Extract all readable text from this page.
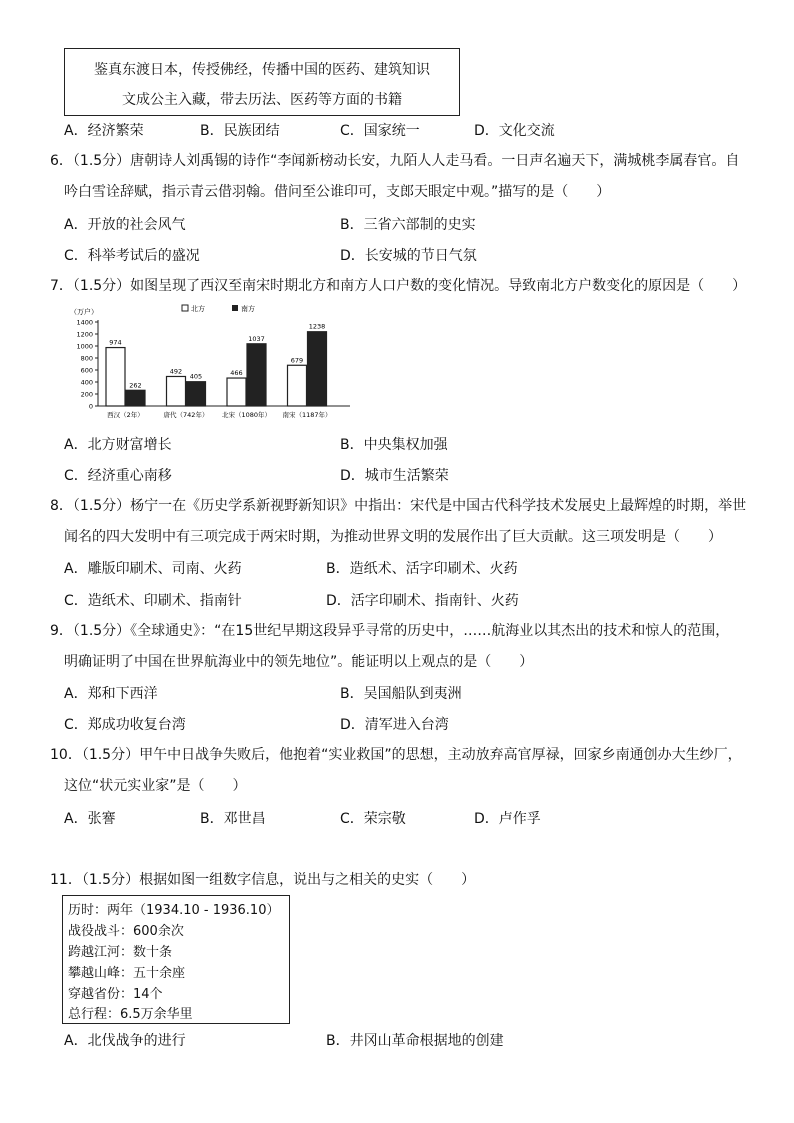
鉴真东渡日本，传授佛经，传播中国的医药、建筑知识
文成公主入藏，带去历法、医药等方面的书籍
A．经济繁荣	B．民族团结	C．国家统一	D．文化交流
6．（1.5分）唐朝诗人刘禹锡的诗作“李闻新榜动长安，九陌人人走马看。一日声名遍天下，满城桃李属春官。自
吟白雪诠辞赋，指示青云借羽翰。借问至公谁印可，支郎天眼定中观。”描写的是（　　）
A．开放的社会风气	B．三省六部制的史实
C．科举考试后的盛况	D．长安城的节日气氛
7．（1.5分）如图呈现了西汉至南宋时期北方和南方人口户数的变化情况。导致南北方户数变化的原因是（　　）
北方	南方
（万户）
1400
1200
1000
800
600
400
200
0
974
262
西汉（2年）
492
405
唐代（742年）
466
1037
北宋（1080年）
679
1238
南宋（1187年）
A．北方财富增长	B．中央集权加强
C．经济重心南移	D．城市生活繁荣
8．（1.5分）杨宁一在《历史学系新视野新知识》中指出：宋代是中国古代科学技术发展史上最辉煌的时期，举世
闻名的四大发明中有三项完成于两宋时期，为推动世界文明的发展作出了巨大贡献。这三项发明是（　　）
A．雕版印刷术、司南、火药	B．造纸术、活字印刷术、火药
C．造纸术、印刷术、指南针	D．活字印刷术、指南针、火药
9．（1.5分）《全球通史》：“在15世纪早期这段异乎寻常的历史中，……航海业以其杰出的技术和惊人的范围，
明确证明了中国在世界航海业中的领先地位”。能证明以上观点的是（　　）
A．郑和下西洋	B．吴国船队到夷洲
C．郑成功收复台湾	D．清军进入台湾
10．（1.5分）甲午中日战争失败后，他抱着“实业救国”的思想，主动放弃高官厚禄，回家乡南通创办大生纱厂，
这位“状元实业家”是（　　）
A．张謇	B．邓世昌	C．荣宗敬	D．卢作孚
11．（1.5分）根据如图一组数字信息，说出与之相关的史实（　　）
历时：两年（1934.10 - 1936.10）
战役战斗：600余次
跨越江河：数十条
攀越山峰：五十余座
穿越省份：14个
总行程：6.5万余华里
A．北伐战争的进行	B．井冈山革命根据地的创建
